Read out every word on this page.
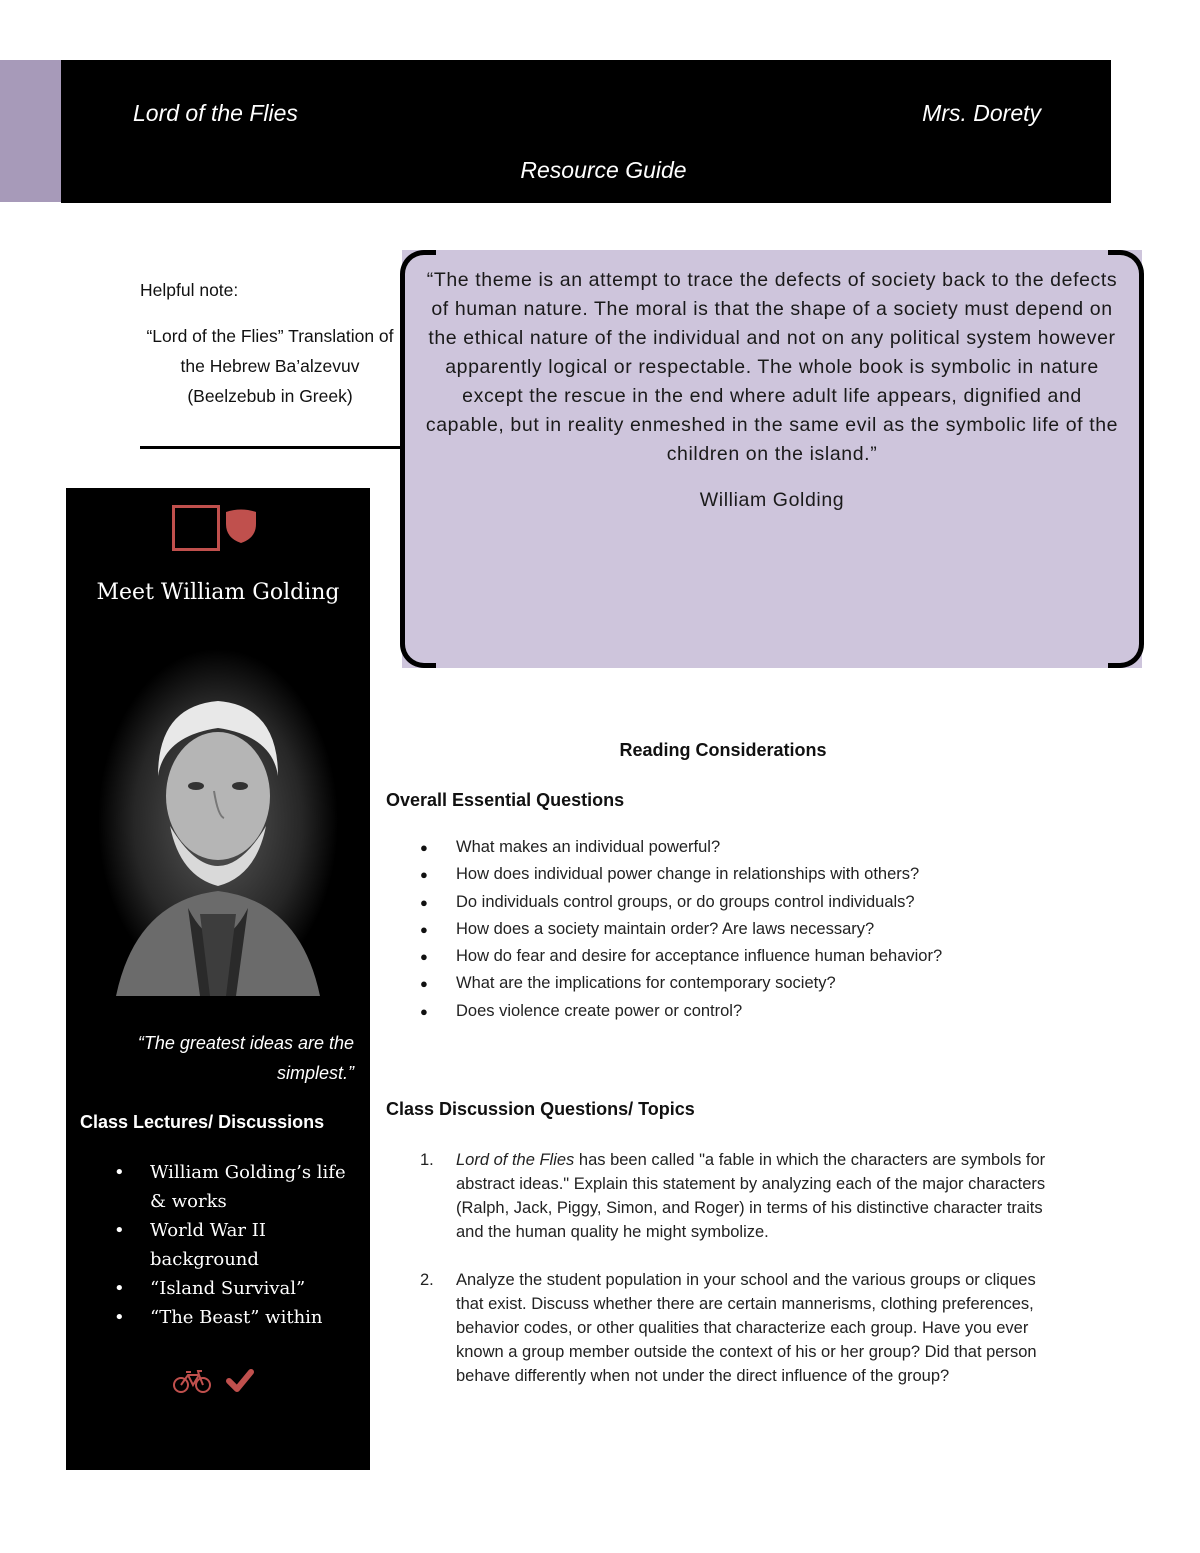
Lord of the Flies	Mrs. Dorety
Resource Guide
Helpful note:
“Lord of the Flies” Translation of the Hebrew Ba’alzevuv (Beelzebub in Greek)
“The theme is an attempt to trace the defects of society back to the defects of human nature. The moral is that the shape of a society must depend on the ethical nature of the individual and not on any political system however apparently logical or respectable. The whole book is symbolic in nature except the rescue in the end where adult life appears, dignified and capable, but in reality enmeshed in the same evil as the symbolic life of the children on the island.”
William Golding
Meet William Golding
“The greatest ideas are the simplest.”
Class Lectures/ Discussions
• William Golding’s life & works
• World War II background
• “Island Survival”
• “The Beast” within
Reading Considerations
Overall Essential Questions
● What makes an individual powerful?
● How does individual power change in relationships with others?
● Do individuals control groups, or do groups control individuals?
● How does a society maintain order? Are laws necessary?
● How do fear and desire for acceptance influence human behavior?
● What are the implications for contemporary society?
● Does violence create power or control?
Class Discussion Questions/ Topics
1. Lord of the Flies has been called "a fable in which the characters are symbols for abstract ideas." Explain this statement by analyzing each of the major characters (Ralph, Jack, Piggy, Simon, and Roger) in terms of his distinctive character traits and the human quality he might symbolize.
2. Analyze the student population in your school and the various groups or cliques that exist. Discuss whether there are certain mannerisms, clothing preferences, behavior codes, or other qualities that characterize each group. Have you ever known a group member outside the context of his or her group? Did that person behave differently when not under the direct influence of the group?
